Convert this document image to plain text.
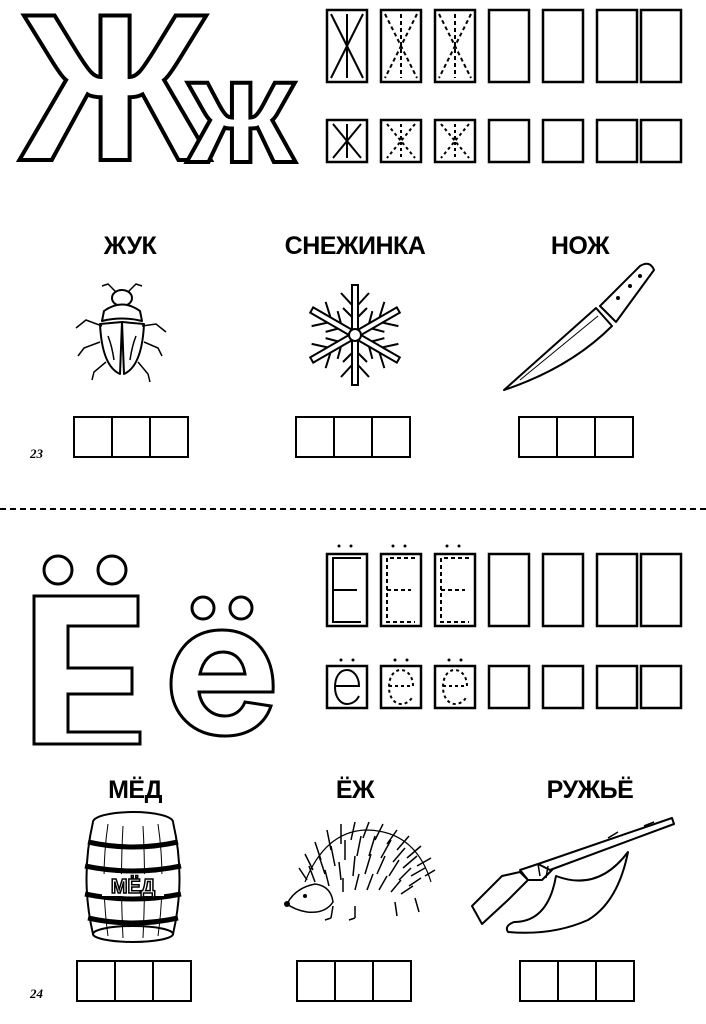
Ж
ж
ЖУК	СНЕЖИНКА	НОЖ
23
МЁД	ЁЖ	РУЖЬЁ
МЁД
24
